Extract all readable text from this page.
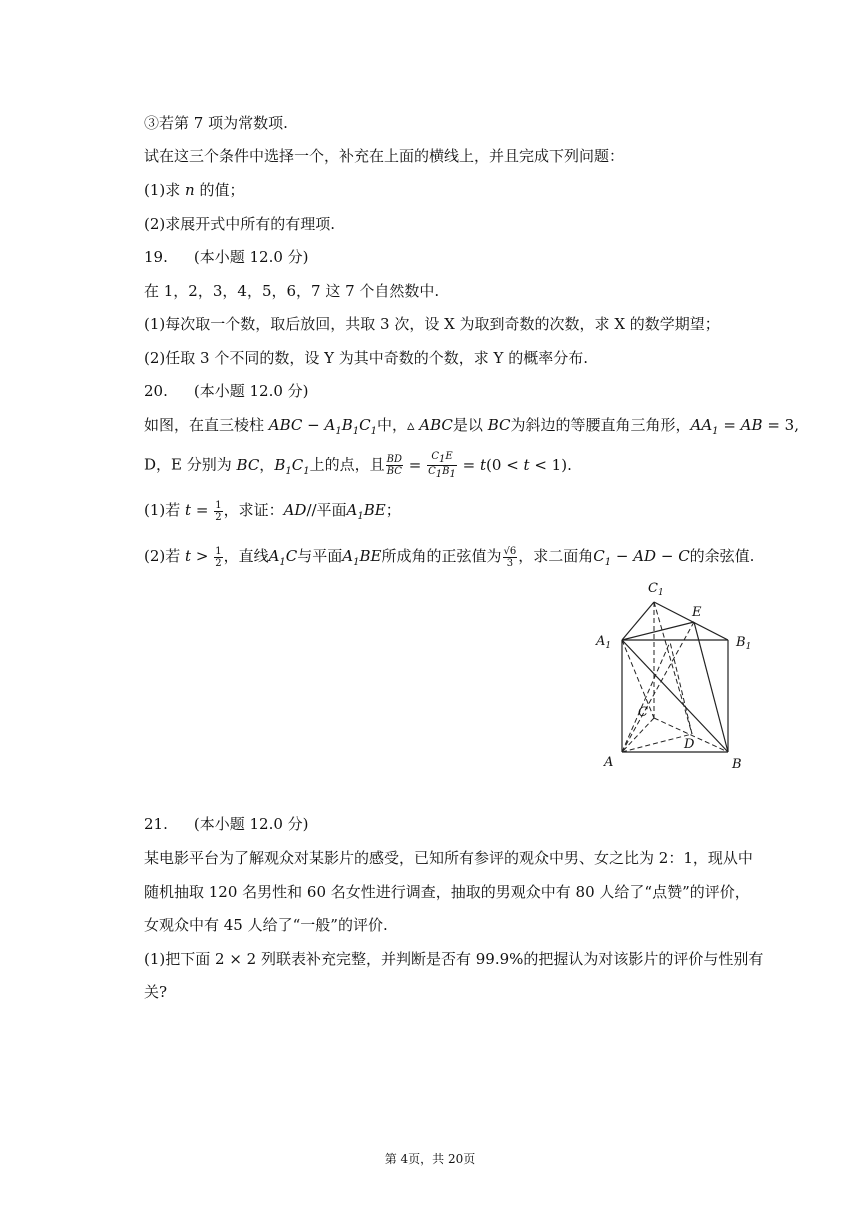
③若第 7 项为常数项.
试在这三个条件中选择一个，补充在上面的横线上，并且完成下列问题：
(1)求 n 的值；
(2)求展开式中所有的有理项.
19. (本小题 12.0 分)
在 1，2，3，4，5，6，7 这 7 个自然数中.
(1)每次取一个数，取后放回，共取 3 次，设 X 为取到奇数的次数，求 X 的数学期望；
(2)任取 3 个不同的数，设 Y 为其中奇数的个数，求 Y 的概率分布.
20. (本小题 12.0 分)
如图，在直三棱柱 ABC − $A_1B_1C_1$中，▵ ABC是以 BC为斜边的等腰直角三角形，$AA_1$ = AB = 3,
D，E 分别为 BC，$B_1C_1$上的点，且 $\frac{BD}{BC} = \frac{C_1E}{C_1B_1} = t(0 < t < 1)$.
(1)若 $t = \frac{1}{2}$ ，求证：AD//平面$A_1BE$；
(2)若 $t > \frac{1}{2}$ ，直线$A_1C$与平面$A_1BE$所成角的正弦值为 $\frac{√6}{3}$ ，求二面角$C_1$ − AD − C的余弦值.
$C_1$
E
$A_1$	$B_1$
C
D
A	B
21. (本小题 12.0 分)
某电影平台为了解观众对某影片的感受，已知所有参评的观众中男、女之比为 2：1，现从中
随机抽取 120 名男性和 60 名女性进行调查，抽取的男观众中有 80 人给了“点赞”的评价，
女观众中有 45 人给了“一般”的评价.
(1)把下面 2 × 2 列联表补充完整，并判断是否有 99.9%的把握认为对该影片的评价与性别有
关?
第 4页，共 20页
